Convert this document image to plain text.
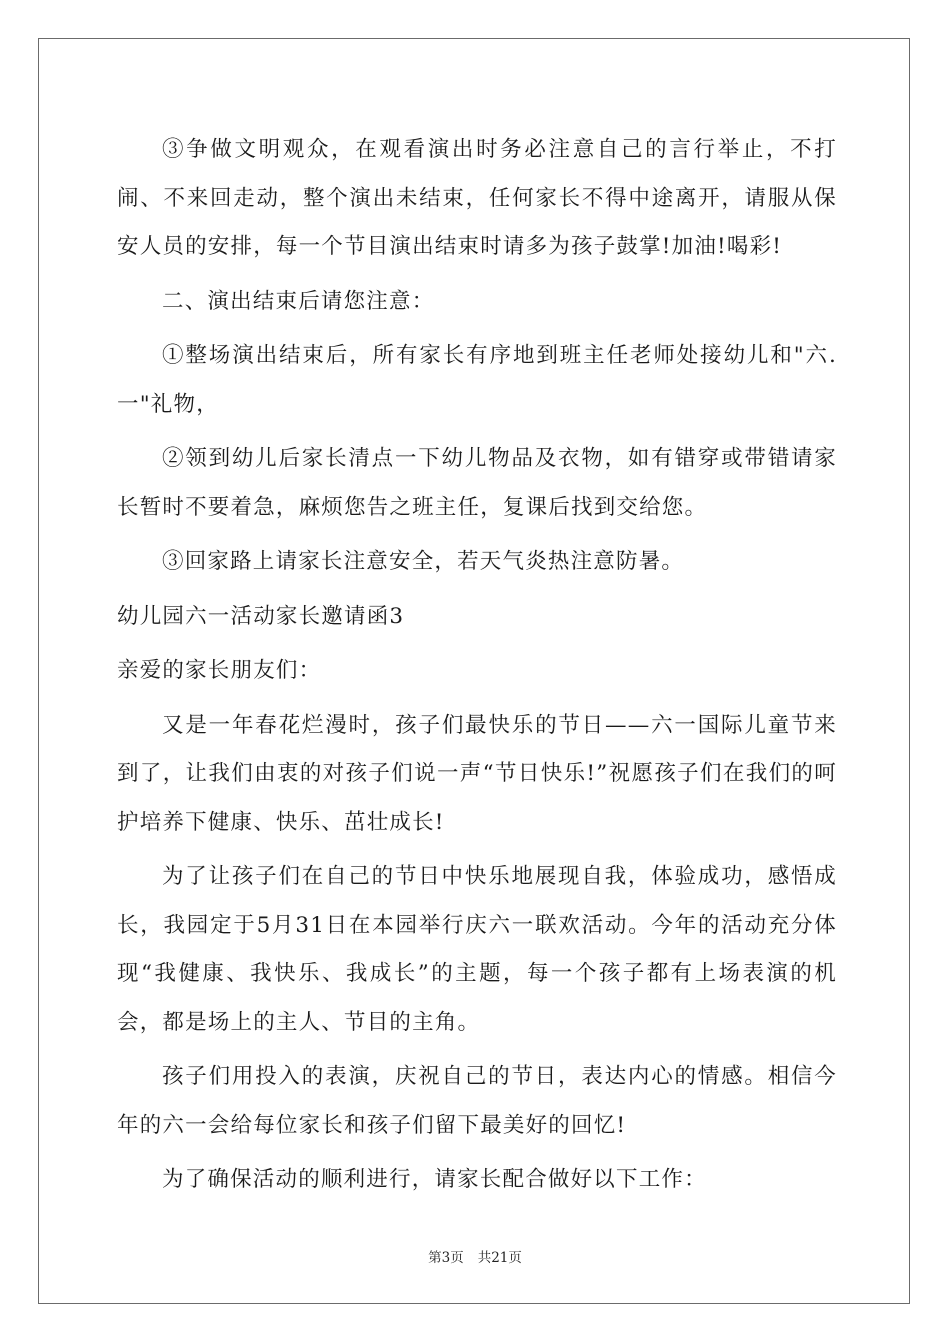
③争做文明观众，在观看演出时务必注意自己的言行举止，不打闹、不来回走动，整个演出未结束，任何家长不得中途离开，请服从保安人员的安排，每一个节目演出结束时请多为孩子鼓掌!加油!喝彩!

二、演出结束后请您注意：

①整场演出结束后，所有家长有序地到班主任老师处接幼儿和"六.一"礼物，

②领到幼儿后家长清点一下幼儿物品及衣物，如有错穿或带错请家长暂时不要着急，麻烦您告之班主任，复课后找到交给您。

③回家路上请家长注意安全，若天气炎热注意防暑。

幼儿园六一活动家长邀请函3

亲爱的家长朋友们：

又是一年春花烂漫时，孩子们最快乐的节日——六一国际儿童节来到了，让我们由衷的对孩子们说一声“节日快乐!”祝愿孩子们在我们的呵护培养下健康、快乐、茁壮成长!

为了让孩子们在自己的节日中快乐地展现自我，体验成功，感悟成长，我园定于5月31日在本园举行庆六一联欢活动。今年的活动充分体现“我健康、我快乐、我成长”的主题，每一个孩子都有上场表演的机会，都是场上的主人、节目的主角。

孩子们用投入的表演，庆祝自己的节日，表达内心的情感。相信今年的六一会给每位家长和孩子们留下最美好的回忆!

为了确保活动的顺利进行，请家长配合做好以下工作：

第3页 共21页
